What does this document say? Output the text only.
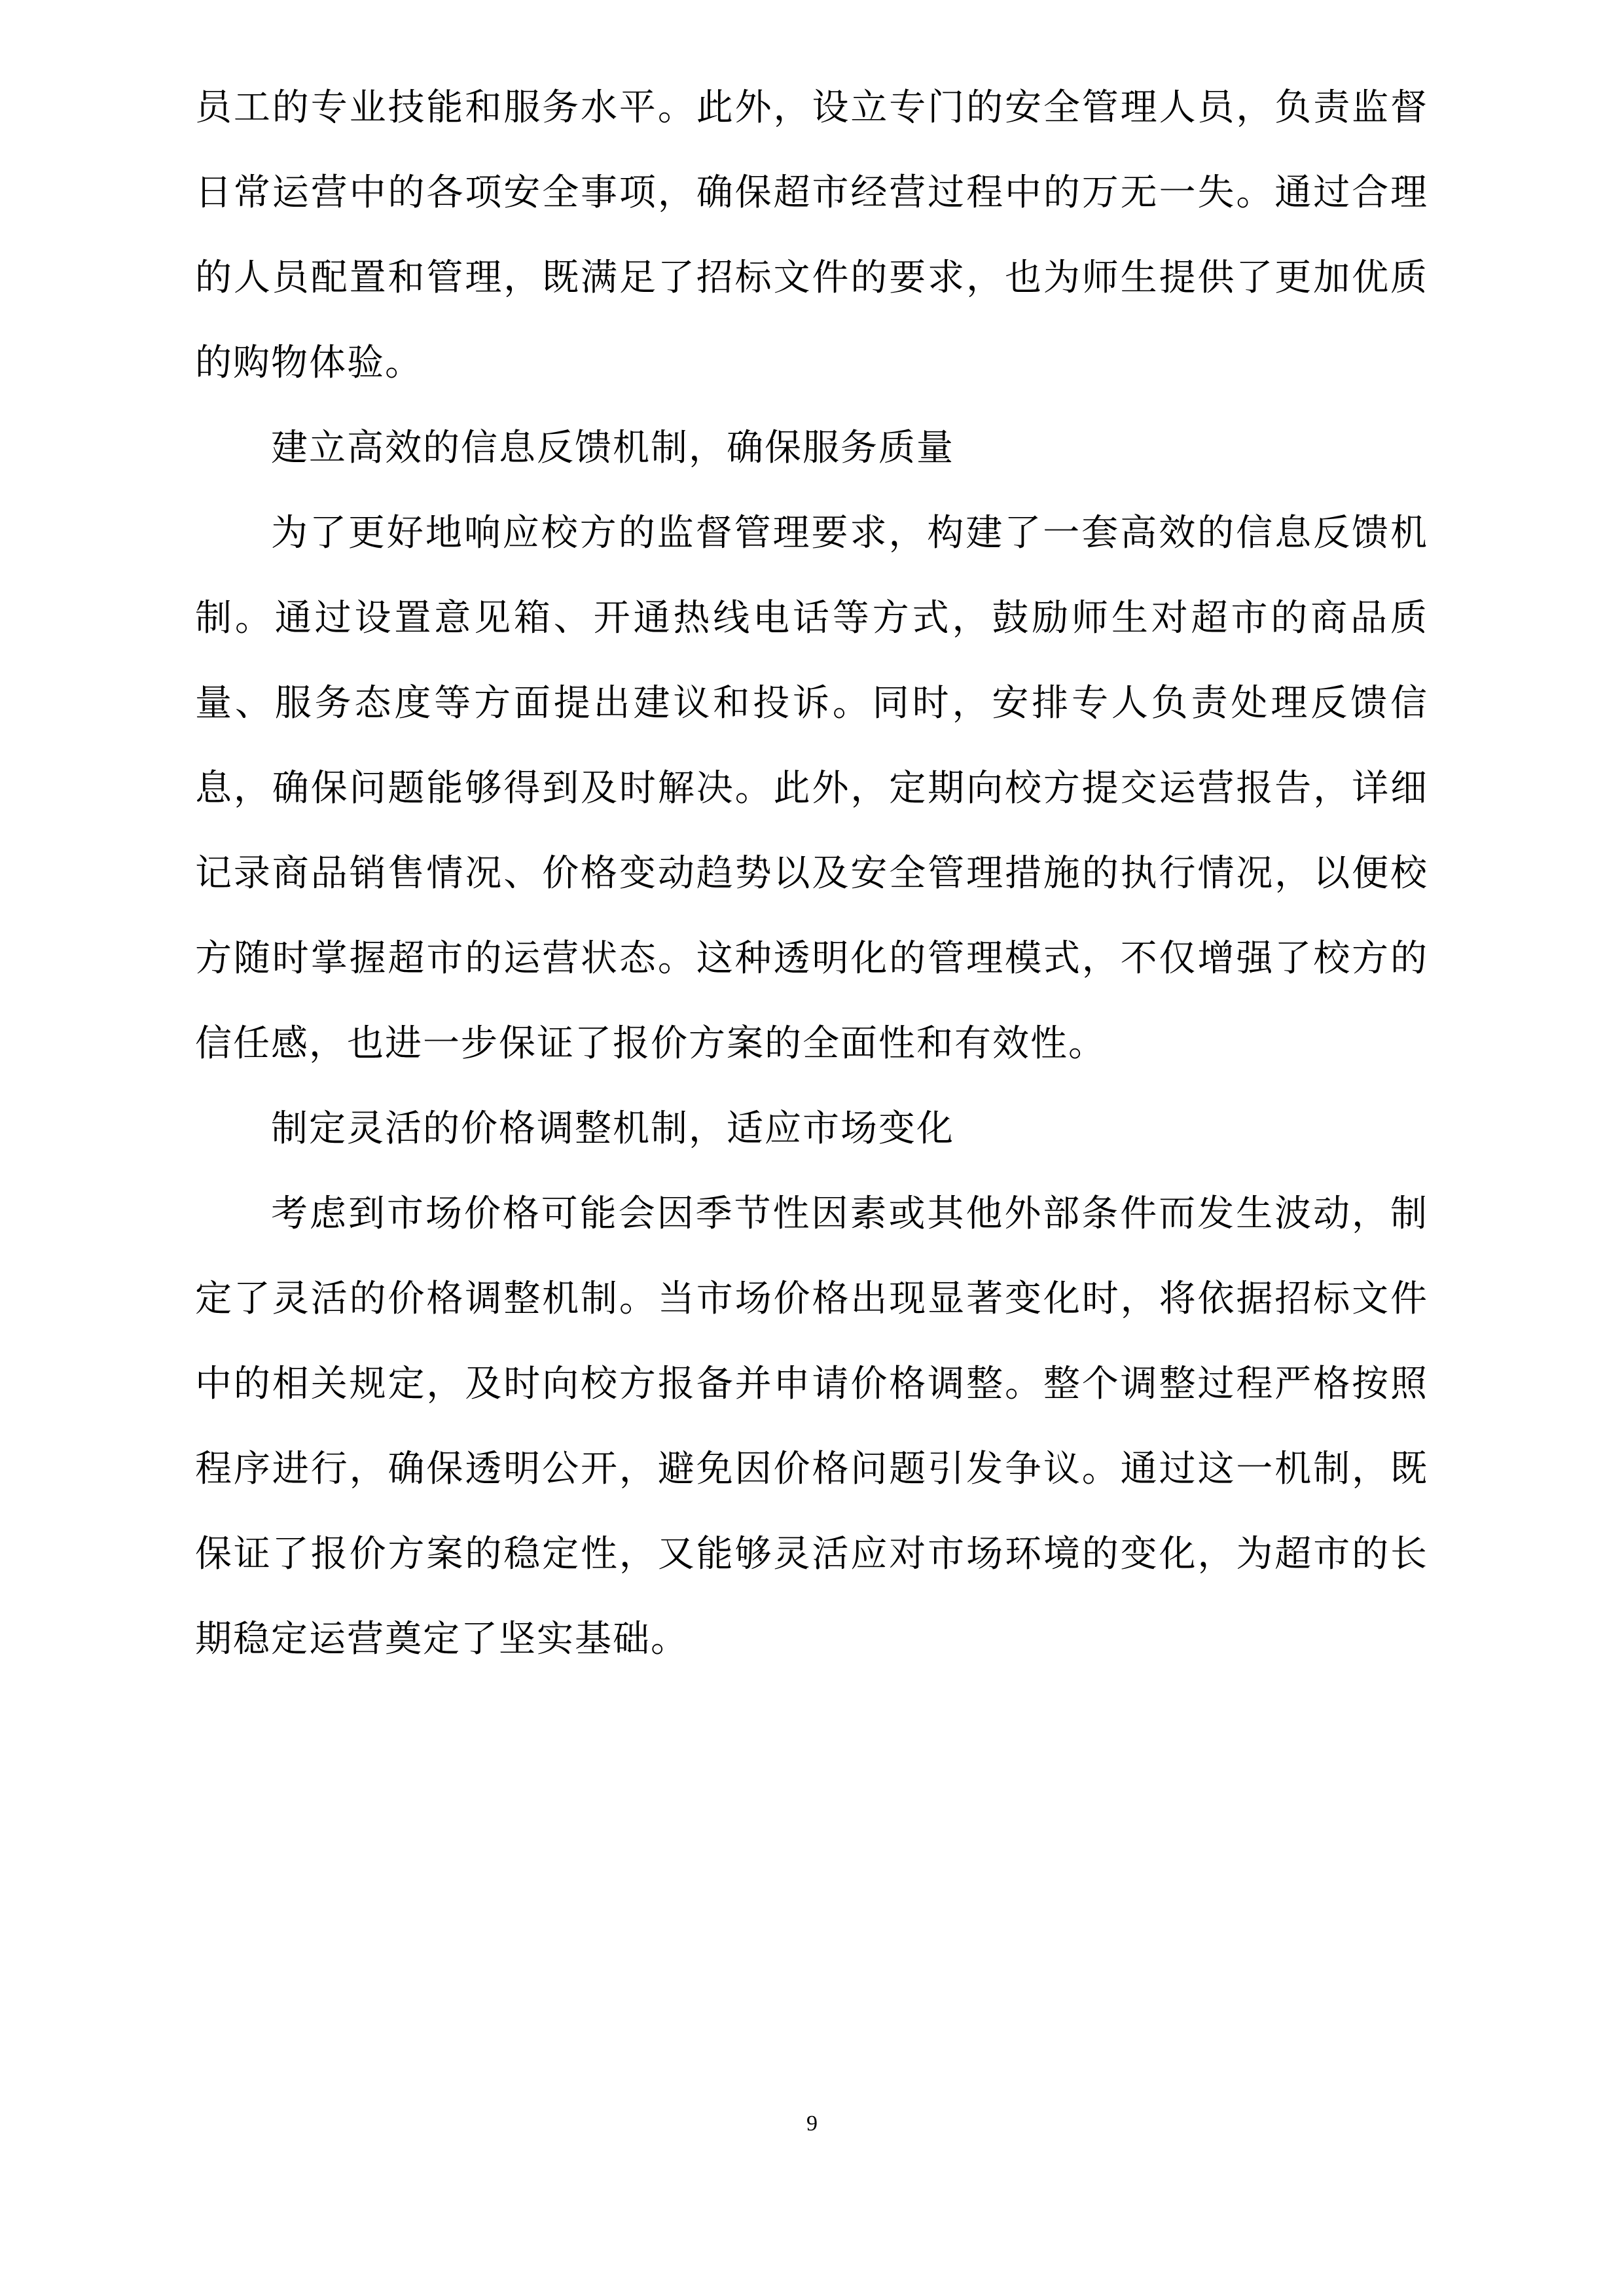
员工的专业技能和服务水平。此外，设立专门的安全管理人员，负责监督日常运营中的各项安全事项，确保超市经营过程中的万无一失。通过合理的人员配置和管理，既满足了招标文件的要求，也为师生提供了更加优质的购物体验。

建立高效的信息反馈机制，确保服务质量

为了更好地响应校方的监督管理要求，构建了一套高效的信息反馈机制。通过设置意见箱、开通热线电话等方式，鼓励师生对超市的商品质量、服务态度等方面提出建议和投诉。同时，安排专人负责处理反馈信息，确保问题能够得到及时解决。此外，定期向校方提交运营报告，详细记录商品销售情况、价格变动趋势以及安全管理措施的执行情况，以便校方随时掌握超市的运营状态。这种透明化的管理模式，不仅增强了校方的信任感，也进一步保证了报价方案的全面性和有效性。

制定灵活的价格调整机制，适应市场变化

考虑到市场价格可能会因季节性因素或其他外部条件而发生波动，制定了灵活的价格调整机制。当市场价格出现显著变化时，将依据招标文件中的相关规定，及时向校方报备并申请价格调整。整个调整过程严格按照程序进行，确保透明公开，避免因价格问题引发争议。通过这一机制，既保证了报价方案的稳定性，又能够灵活应对市场环境的变化，为超市的长期稳定运营奠定了坚实基础。

9
